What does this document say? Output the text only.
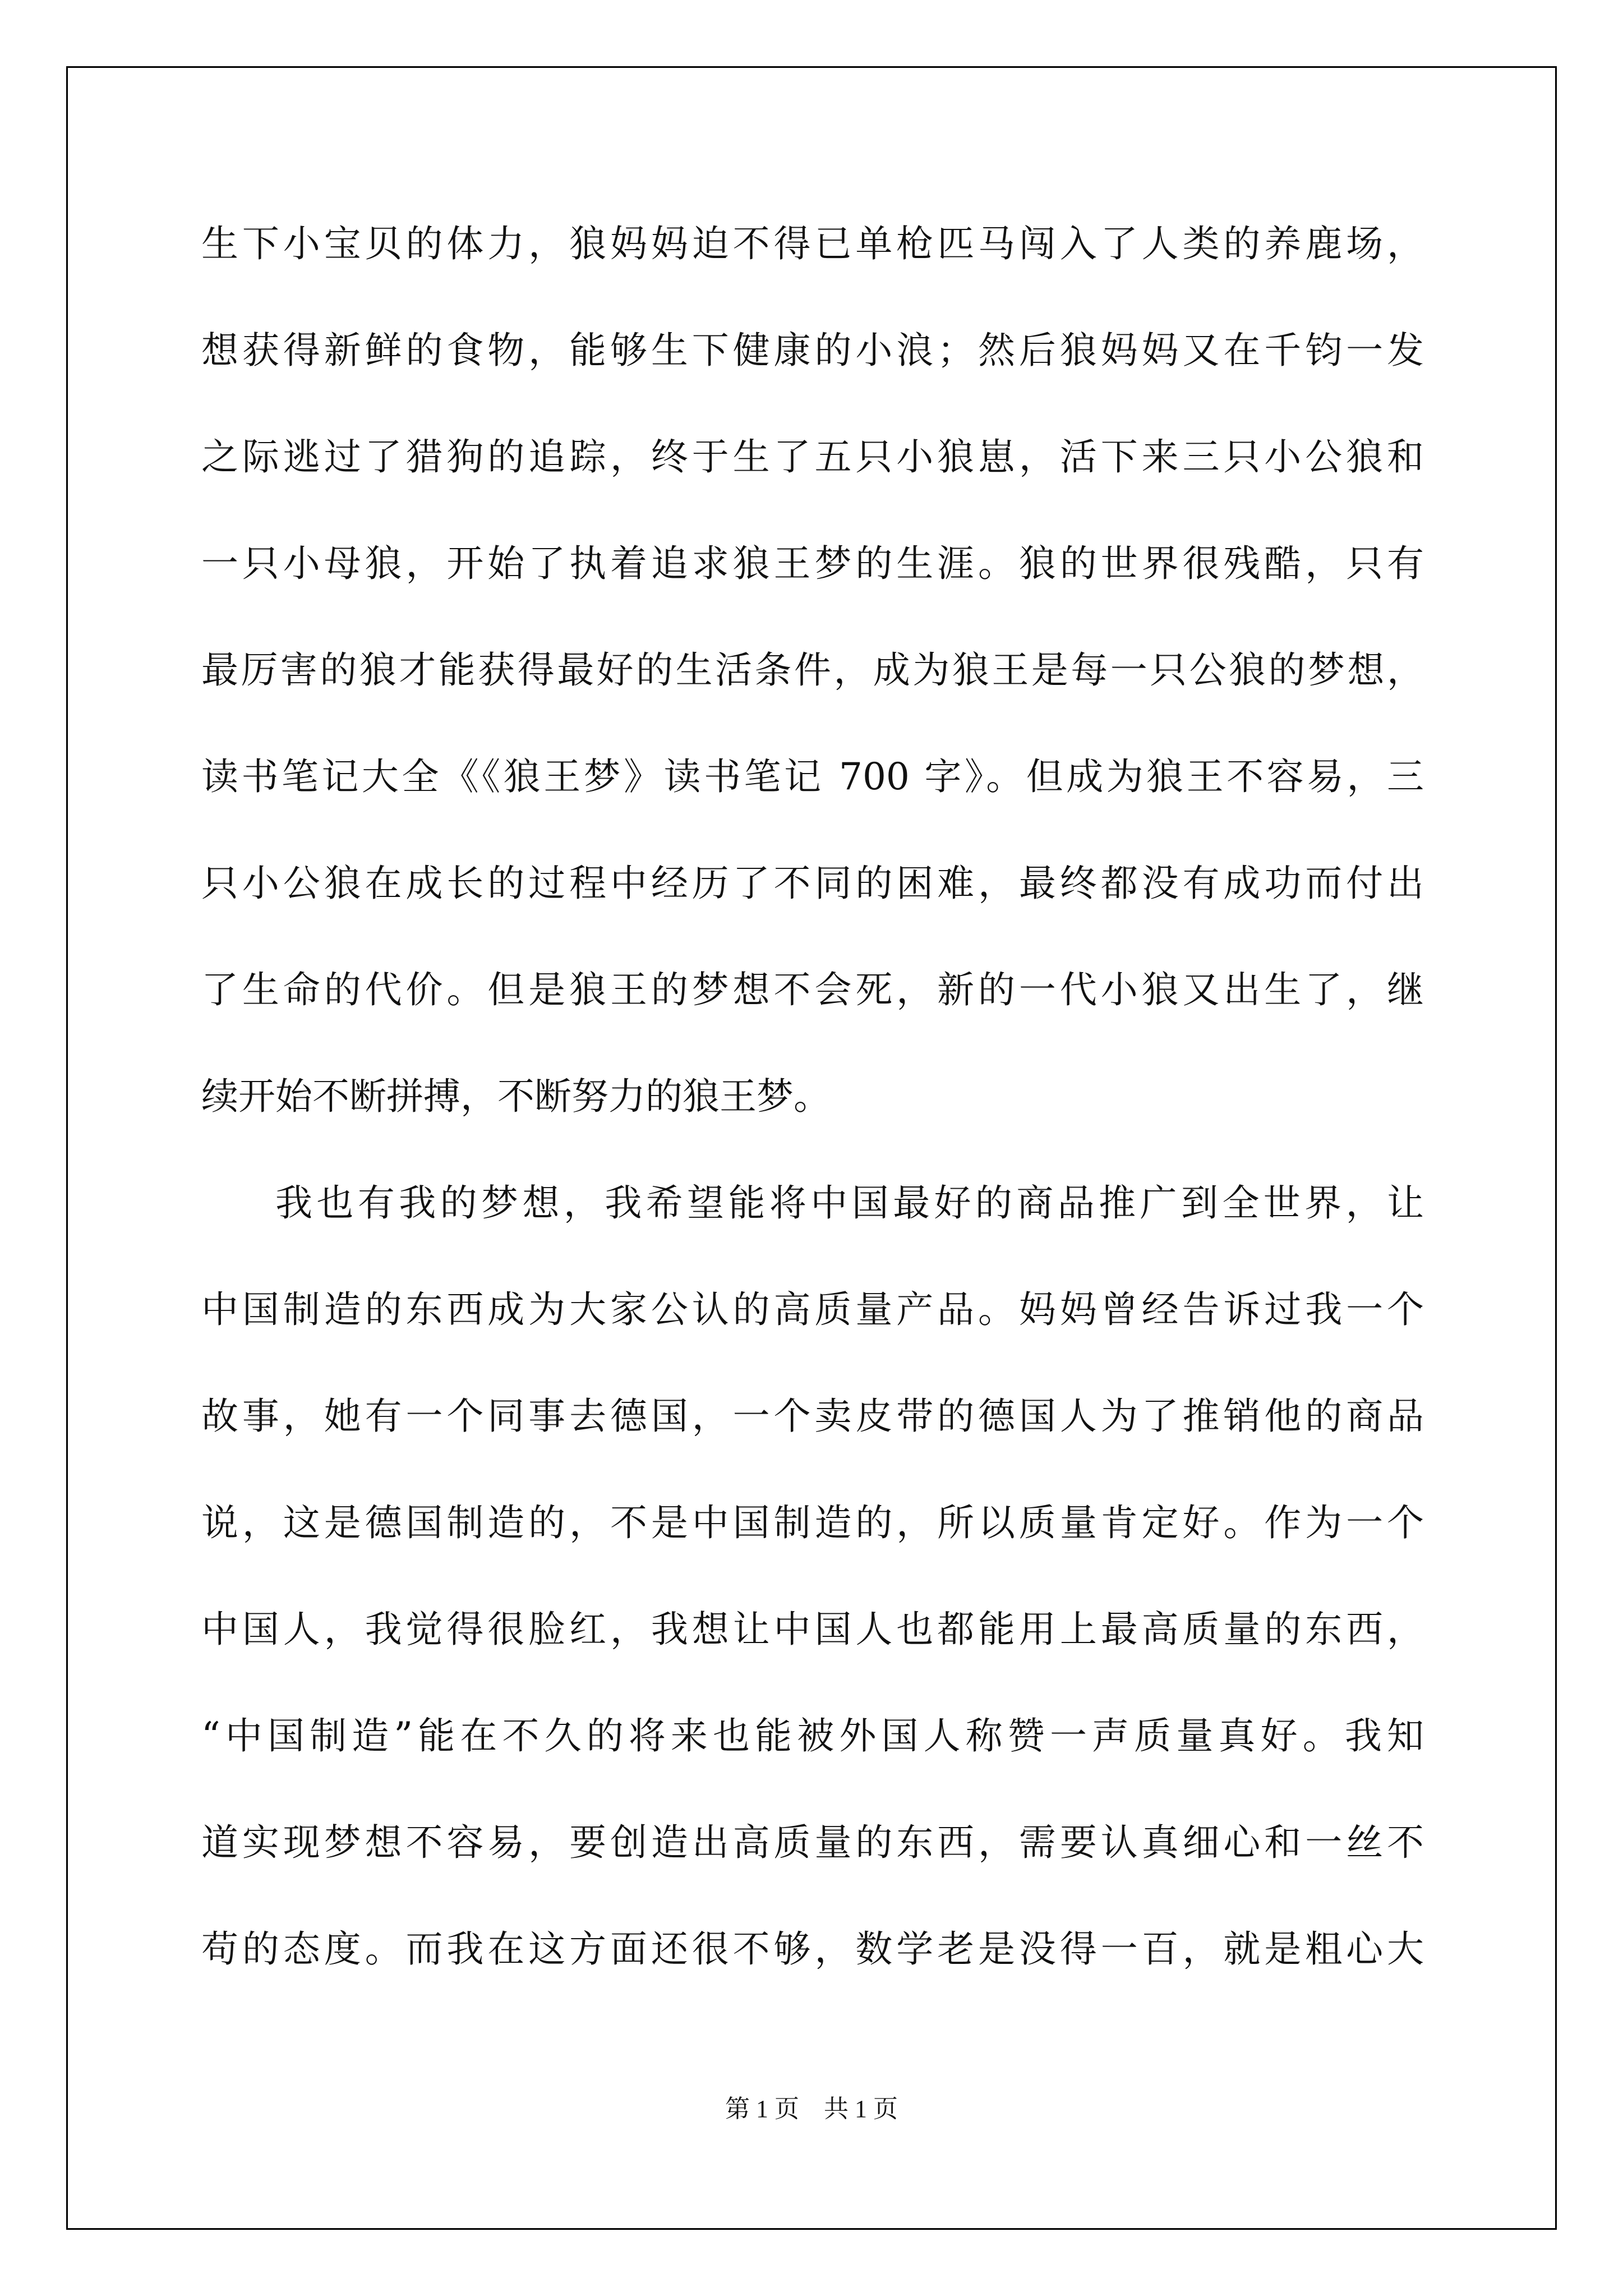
生下小宝贝的体力，狼妈妈迫不得已单枪匹马闯入了人类的养鹿场，
想获得新鲜的食物，能够生下健康的小浪；然后狼妈妈又在千钧一发
之际逃过了猎狗的追踪，终于生了五只小狼崽，活下来三只小公狼和
一只小母狼，开始了执着追求狼王梦的生涯。狼的世界很残酷，只有
最厉害的狼才能获得最好的生活条件，成为狼王是每一只公狼的梦想，
读书笔记大全《《狼王梦》读书笔记 700 字》。但成为狼王不容易，三
只小公狼在成长的过程中经历了不同的困难，最终都没有成功而付出
了生命的代价。但是狼王的梦想不会死，新的一代小狼又出生了，继
续开始不断拼搏，不断努力的狼王梦。
我也有我的梦想，我希望能将中国最好的商品推广到全世界，让
中国制造的东西成为大家公认的高质量产品。妈妈曾经告诉过我一个
故事，她有一个同事去德国，一个卖皮带的德国人为了推销他的商品
说，这是德国制造的，不是中国制造的，所以质量肯定好。作为一个
中国人，我觉得很脸红，我想让中国人也都能用上最高质量的东西，
“中国制造”能在不久的将来也能被外国人称赞一声质量真好。我知
道实现梦想不容易，要创造出高质量的东西，需要认真细心和一丝不
苟的态度。而我在这方面还很不够，数学老是没得一百，就是粗心大
第 1 页    共 1 页
